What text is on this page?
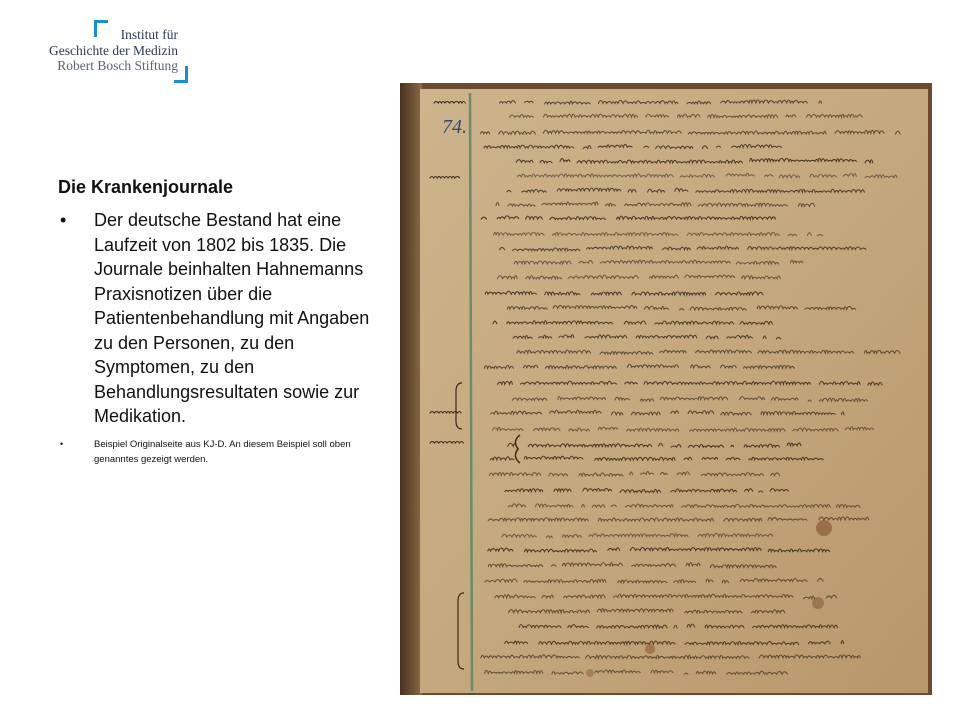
Institut für
Geschichte der Medizin
Robert Bosch Stiftung
Die Krankenjournale
• Der deutsche Bestand hat eine Laufzeit von 1802 bis 1835. Die Journale beinhalten Hahnemanns Praxisnotizen über die Patientenbehandlung mit Angaben zu den Personen, zu den Symptomen, zu den Behandlungsresultaten sowie zur Medikation.
•	Beispiel Originalseite aus KJ-D. An diesem Beispiel soll oben genanntes gezeigt werden.
74.
